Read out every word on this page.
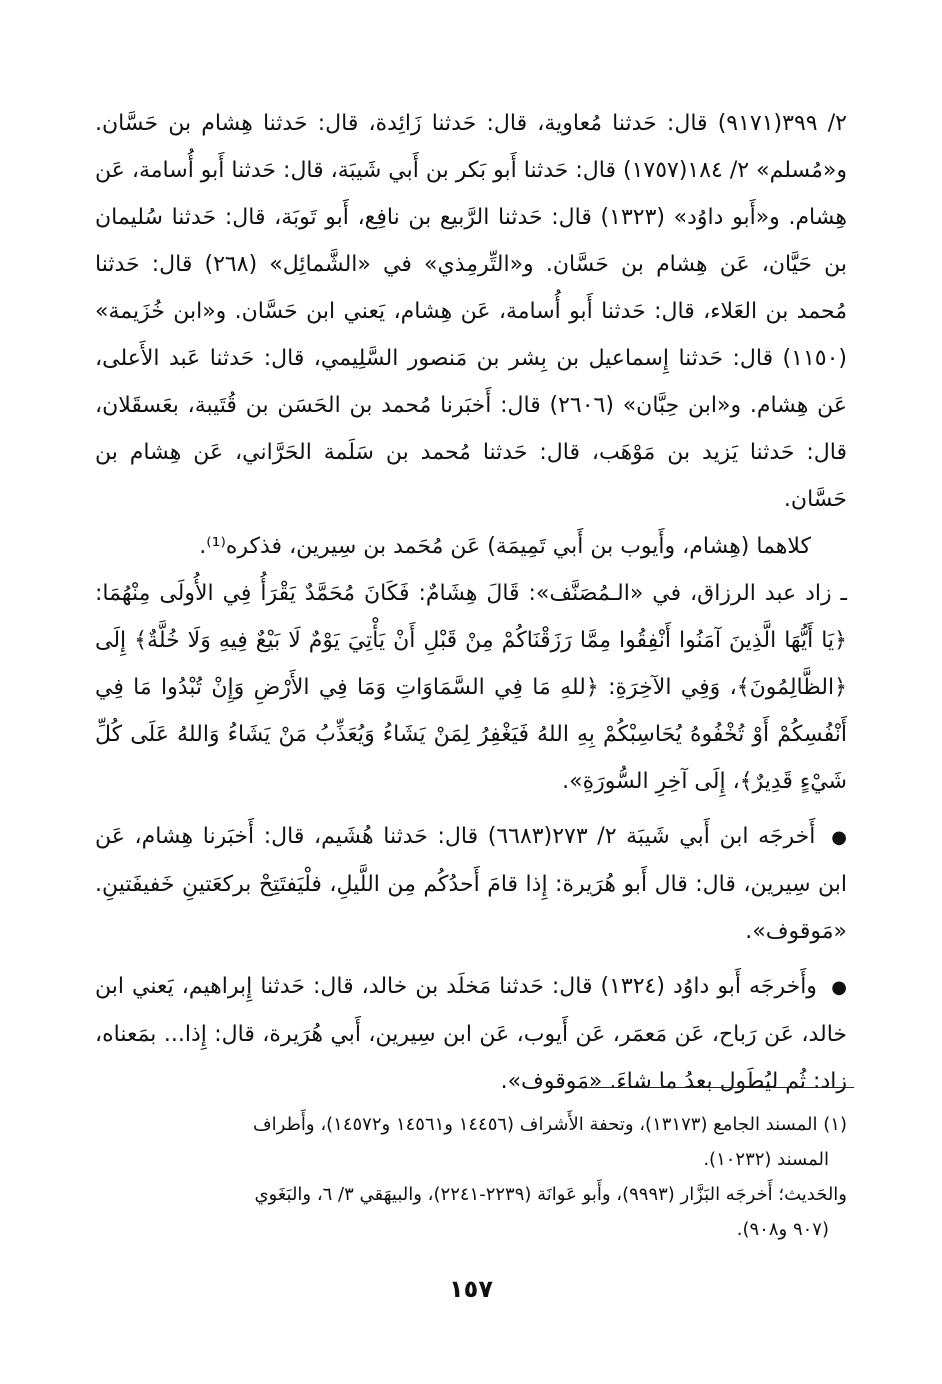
٢/ ٣٩٩(٩١٧١) قال: حَدثنا مُعاوية، قال: حَدثنا زَائِدة، قال: حَدثنا هِشام بن حَسَّان. و«مُسلم» ٢/ ١٨٤(١٧٥٧) قال: حَدثنا أَبو بَكر بن أَبي شَيبَة، قال: حَدثنا أَبو أُسامة، عَن هِشام. و«أَبو داوُد» (١٣٢٣) قال: حَدثنا الرَّبيع بن نافِع، أَبو تَوبَة، قال: حَدثنا سُليمان بن حَيَّان، عَن هِشام بن حَسَّان. و«التِّرمِذي» في «الشَّمائِل» (٢٦٨) قال: حَدثنا مُحمد بن العَلاء، قال: حَدثنا أَبو أُسامة، عَن هِشام، يَعني ابن حَسَّان. و«ابن خُزَيمة» (١١٥٠) قال: حَدثنا إِسماعيل بن بِشر بن مَنصور السَّلِيمي، قال: حَدثنا عَبد الأَعلى، عَن هِشام. و«ابن حِبَّان» (٢٦٠٦) قال: أَخبَرنا مُحمد بن الحَسَن بن قُتَيبة، بعَسقَلان، قال: حَدثنا يَزيد بن مَوْهَب، قال: حَدثنا مُحمد بن سَلَمة الحَرَّاني، عَن هِشام بن حَسَّان.

كلاهما (هِشام، وأَيوب بن أَبي تَمِيمَة) عَن مُحَمد بن سِيرين، فذكره⁽¹⁾.

ـ زاد عبد الرزاق، في «الـمُصَنَّف»: قَالَ هِشَامٌ: فَكَانَ مُحَمَّدٌ يَقْرَأُ فِي الأُولَى مِنْهُمَا: ﴿يَا أَيُّهَا الَّذِينَ آمَنُوا أَنْفِقُوا مِمَّا رَزَقْنَاكُمْ مِنْ قَبْلِ أَنْ يَأْتِيَ يَوْمٌ لَا بَيْعٌ فِيهِ وَلَا خُلَّةٌ﴾ إِلَى ﴿الظَّالِمُونَ﴾، وَفِي الآخِرَةِ: ﴿للهِ مَا فِي السَّمَاوَاتِ وَمَا فِي الأَرْضِ وَإِنْ تُبْدُوا مَا فِي أَنْفُسِكُمْ أَوْ تُخْفُوهُ يُحَاسِبْكُمْ بِهِ اللهُ فَيَغْفِرُ لِمَنْ يَشَاءُ وَيُعَذِّبُ مَنْ يَشَاءُ وَاللهُ عَلَى كُلِّ شَيْءٍ قَدِيرٌ﴾، إِلَى آخِرِ السُّورَةِ».

● أَخرجَه ابن أَبي شَيبَة ٢/ ٢٧٣(٦٦٨٣) قال: حَدثنا هُشَيم، قال: أَخبَرنا هِشام، عَن ابن سِيرين، قال: قال أَبو هُرَيرة: إِذا قامَ أَحدُكُم مِن اللَّيلِ، فلْيَفتَتِحْ بركعَتينِ خَفيفَتينِ. «مَوقوف».

● وأَخرجَه أَبو داوُد (١٣٢٤) قال: حَدثنا مَخلَد بن خالد، قال: حَدثنا إِبراهيم، يَعني ابن خالد، عَن رَباح، عَن مَعمَر، عَن أَيوب، عَن ابن سِيرين، أَبي هُرَيرة، قال: إِذا... بمَعناه، زاد: ثُم ليُطَول بعدُ ما شاءَ. «مَوقوف».

(١) المسند الجامع (١٣١٧٣)، وتحفة الأَشراف (١٤٤٥٦ و١٤٥٦١ و١٤٥٧٢)، وأَطراف

المسند (١٠٢٣٢).

والحَديث؛ أَخرجَه البَزَّار (٩٩٩٣)، وأَبو عَوانَة (٢٢٣٩-٢٢٤١)، والبيهَقي ٣/ ٦، والبَغَوي

(٩٠٧ و٩٠٨).

١٥٧
